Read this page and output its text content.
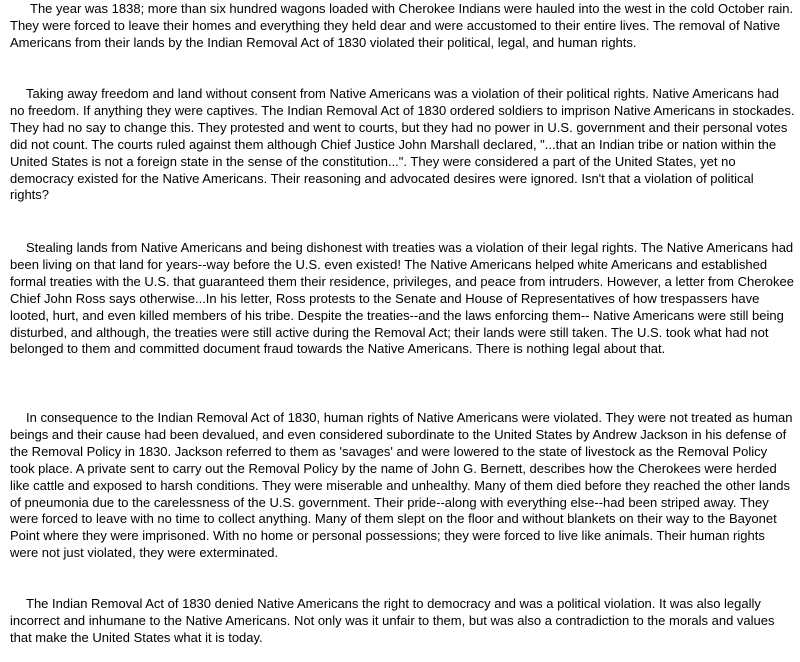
The year was 1838; more than six hundred wagons loaded with Cherokee Indians were hauled into the west in the cold October rain. They were forced to leave their homes and everything they held dear and were accustomed to their entire lives. The removal of Native Americans from their lands by the Indian Removal Act of 1830 violated their political, legal, and human rights.

Taking away freedom and land without consent from Native Americans was a violation of their political rights. Native Americans had no freedom. If anything they were captives. The Indian Removal Act of 1830 ordered soldiers to imprison Native Americans in stockades. They had no say to change this. They protested and went to courts, but they had no power in U.S. government and their personal votes did not count. The courts ruled against them although Chief Justice John Marshall declared, "...that an Indian tribe or nation within the United States is not a foreign state in the sense of the constitution...". They were considered a part of the United States, yet no democracy existed for the Native Americans. Their reasoning and advocated desires were ignored. Isn't that a violation of political rights?

Stealing lands from Native Americans and being dishonest with treaties was a violation of their legal rights. The Native Americans had been living on that land for years--way before the U.S. even existed! The Native Americans helped white Americans and established formal treaties with the U.S. that guaranteed them their residence, privileges, and peace from intruders. However, a letter from Cherokee Chief John Ross says otherwise...In his letter, Ross protests to the Senate and House of Representatives of how trespassers have looted, hurt, and even killed members of his tribe. Despite the treaties--and the laws enforcing them-- Native Americans were still being disturbed, and although, the treaties were still active during the Removal Act; their lands were still taken. The U.S. took what had not belonged to them and committed document fraud towards the Native Americans. There is nothing legal about that.

In consequence to the Indian Removal Act of 1830, human rights of Native Americans were violated. They were not treated as human beings and their cause had been devalued, and even considered subordinate to the United States by Andrew Jackson in his defense of the Removal Policy in 1830. Jackson referred to them as 'savages' and were lowered to the state of livestock as the Removal Policy took place. A private sent to carry out the Removal Policy by the name of John G. Bernett, describes how the Cherokees were herded like cattle and exposed to harsh conditions. They were miserable and unhealthy. Many of them died before they reached the other lands of pneumonia due to the carelessness of the U.S. government. Their pride--along with everything else--had been striped away. They were forced to leave with no time to collect anything. Many of them slept on the floor and without blankets on their way to the Bayonet Point where they were imprisoned. With no home or personal possessions; they were forced to live like animals. Their human rights were not just violated, they were exterminated.

The Indian Removal Act of 1830 denied Native Americans the right to democracy and was a political violation. It was also legally incorrect and inhumane to the Native Americans. Not only was it unfair to them, but was also a contradiction to the morals and values that make the United States what it is today.
